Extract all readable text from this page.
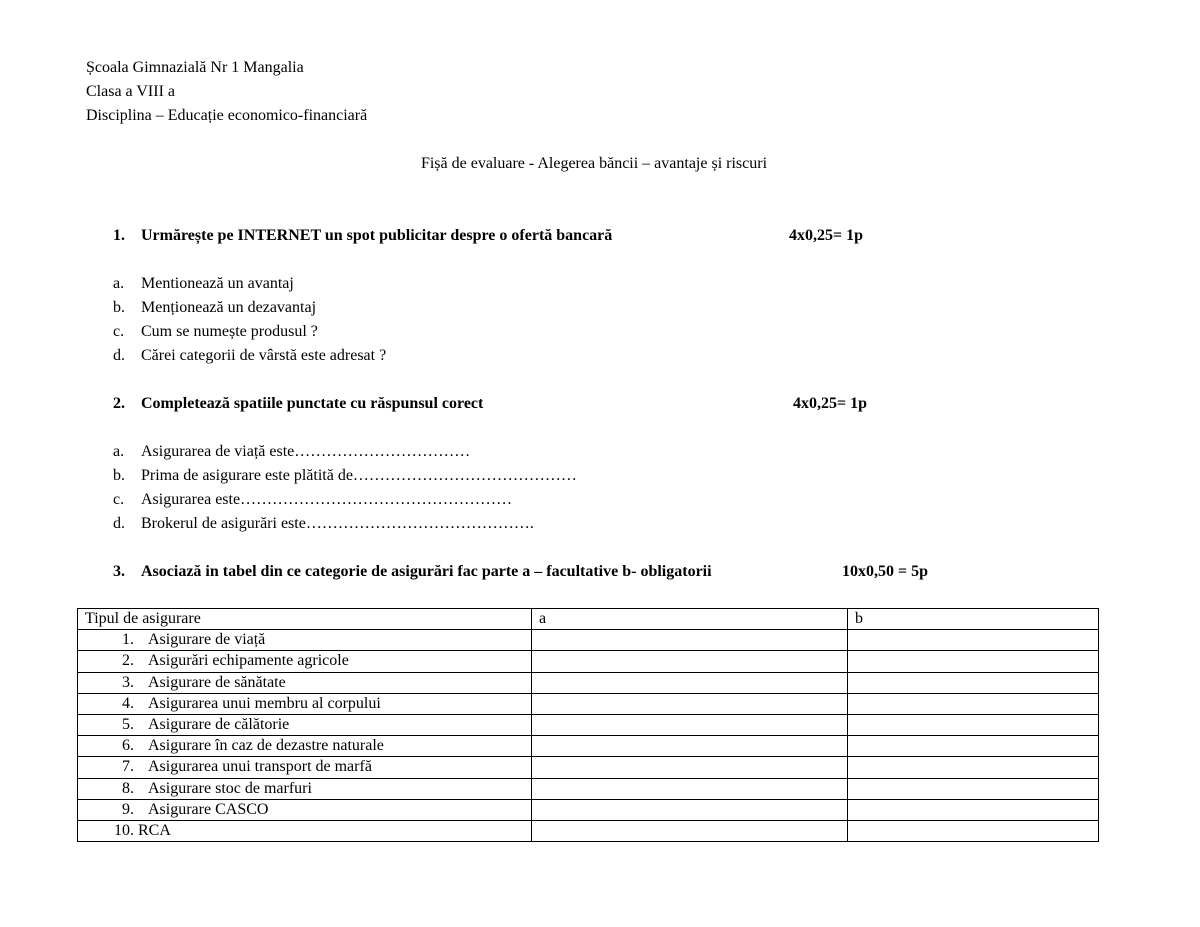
Școala Gimnazială Nr 1 Mangalia
Clasa a VIII a
Disciplina – Educație economico-financiară
Fișă de evaluare - Alegerea băncii – avantaje și riscuri
1. Urmărește pe INTERNET un spot publicitar despre o ofertă bancară	4x0,25= 1p
a. Mentionează un avantaj
b. Menționează un dezavantaj
c. Cum se numește produsul ?
d. Cărei categorii de vârstă este adresat ?
2. Completează spatiile punctate cu răspunsul corect	4x0,25= 1p
a. Asigurarea de viață este……………………………
b. Prima de asigurare este plătită de……………………………………
c. Asigurarea este……………………………………………
d. Brokerul de asigurări este…………………………………….
3. Asociază in tabel din ce categorie de asigurări fac parte a – facultative b- obligatorii	10x0,50 = 5p
Tipul de asigurare	a	b
1. Asigurare de viață		
2. Asigurări echipamente agricole		
3. Asigurare de sănătate		
4. Asigurarea unui membru al corpului		
5. Asigurare de călătorie		
6. Asigurare în caz de dezastre naturale		
7. Asigurarea unui transport de marfă		
8. Asigurare stoc de marfuri		
9. Asigurare CASCO		
10. RCA		
